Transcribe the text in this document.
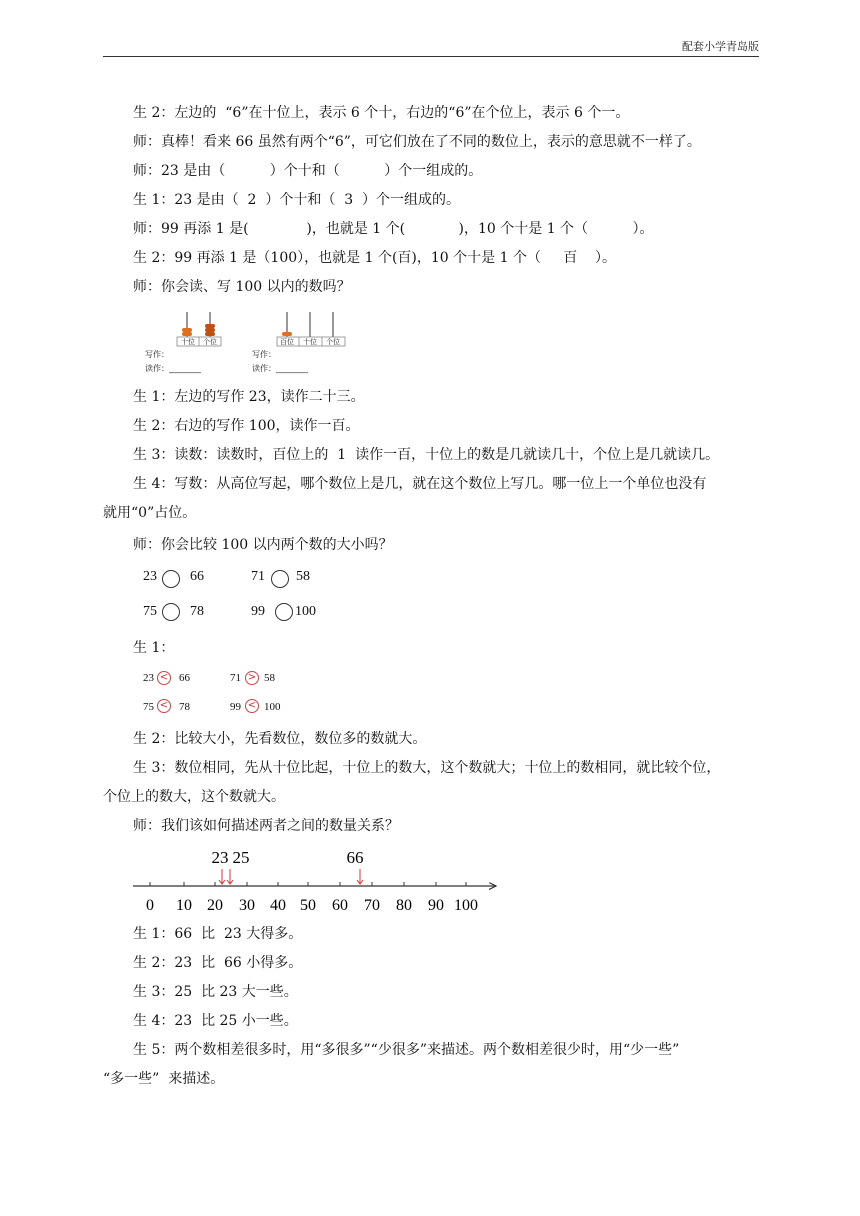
配套小学青岛版
生 2：左边的  “6”在十位上，表示 6 个十，右边的“6”在个位上，表示 6 个一。
师：真棒！看来 66 虽然有两个“6”，可它们放在了不同的数位上，表示的意思就不一样了。
师：23 是由（          ）个十和（          ）个一组成的。
生 1：23 是由（  2  ）个十和（  3  ）个一组成的。
师：99 再添 1 是(             )，也就是 1 个(            )，10 个十是 1 个（          ）。
生 2：99 再添 1 是（100），也就是 1 个(百)，10 个十是 1 个（     百    ）。
师：你会读、写 100 以内的数吗？
十位 个位
写作：
读作：________
百位 十位 个位
写作：
读作：________
生 1：左边的写作 23，读作二十三。
生 2：右边的写作 100，读作一百。
生 3：读数：读数时，百位上的  1  读作一百，十位上的数是几就读几十，个位上是几就读几。
生 4：写数：从高位写起，哪个数位上是几，就在这个数位上写几。哪一位上一个单位也没有
就用“0”占位。
师：你会比较 100 以内两个数的大小吗？
23 66	71 58
75 78	99 100
生 1：
23 < 66	71 > 58
75 < 78	99 < 100
生 2：比较大小，先看数位，数位多的数就大。
生 3：数位相同，先从十位比起，十位上的数大，这个数就大；十位上的数相同，就比较个位，
个位上的数大，这个数就大。
师：我们该如何描述两者之间的数量关系？
0 10 20 30 40 50 60 70 80 90 100
23 25	66
生 1：66  比  23 大得多。
生 2：23  比  66 小得多。
生 3：25  比 23 大一些。
生 4：23  比 25 小一些。
生 5：两个数相差很多时，用“多很多”“少很多”来描述。两个数相差很少时，用“少一些”
“多一些”  来描述。
